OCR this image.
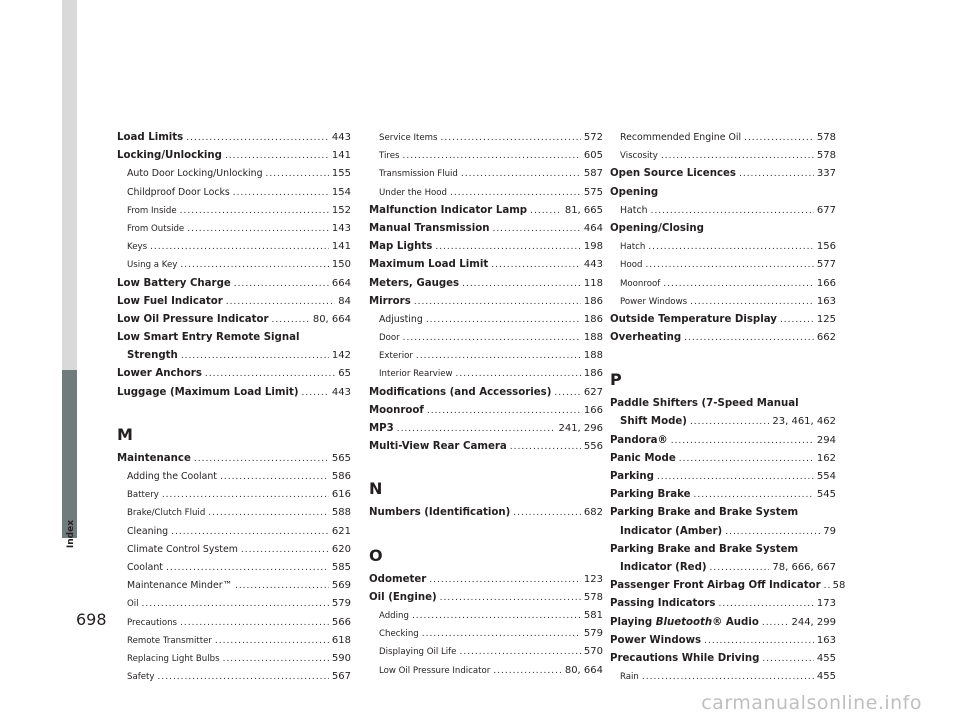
Index
698
Load Limits .....	443
Locking/Unlocking .....	141
Auto Door Locking/Unlocking .....	155
Childproof Door Locks .....	154
From Inside .....	152
From Outside .....	143
Keys .....	141
Using a Key .....	150
Low Battery Charge .....	664
Low Fuel Indicator .....	84
Low Oil Pressure Indicator .....	80, 664
Low Smart Entry Remote Signal
Strength .....	142
Lower Anchors .....	65
Luggage (Maximum Load Limit) .....	443
M
Maintenance .....	565
Adding the Coolant .....	586
Battery .....	616
Brake/Clutch Fluid .....	588
Cleaning .....	621
Climate Control System .....	620
Coolant .....	585
Maintenance Minder™ .....	569
Oil .....	579
Precautions .....	566
Remote Transmitter .....	618
Replacing Light Bulbs .....	590
Safety .....	567
Service Items .....	572
Tires .....	605
Transmission Fluid .....	587
Under the Hood .....	575
Malfunction Indicator Lamp .....	81, 665
Manual Transmission .....	464
Map Lights .....	198
Maximum Load Limit .....	443
Meters, Gauges .....	118
Mirrors .....	186
Adjusting .....	186
Door .....	188
Exterior .....	188
Interior Rearview .....	186
Modifications (and Accessories) .....	627
Moonroof .....	166
MP3 .....	241, 296
Multi-View Rear Camera .....	556
N
Numbers (Identification) .....	682
O
Odometer .....	123
Oil (Engine) .....	578
Adding .....	581
Checking .....	579
Displaying Oil Life .....	570
Low Oil Pressure Indicator .....	80, 664
Recommended Engine Oil .....	578
Viscosity .....	578
Open Source Licences .....	337
Opening
Hatch .....	677
Opening/Closing
Hatch .....	156
Hood .....	577
Moonroof .....	166
Power Windows .....	163
Outside Temperature Display .....	125
Overheating .....	662
P
Paddle Shifters (7-Speed Manual
Shift Mode) .....	23, 461, 462
Pandora® .....	294
Panic Mode .....	162
Parking .....	554
Parking Brake .....	545
Parking Brake and Brake System
Indicator (Amber) .....	79
Parking Brake and Brake System
Indicator (Red) .....	78, 666, 667
Passenger Front Airbag Off Indicator ..... 58
Passing Indicators .....	173
Playing Bluetooth® Audio .....	244, 299
Power Windows .....	163
Precautions While Driving .....	455
Rain .....	455
carmanualsonline.info
